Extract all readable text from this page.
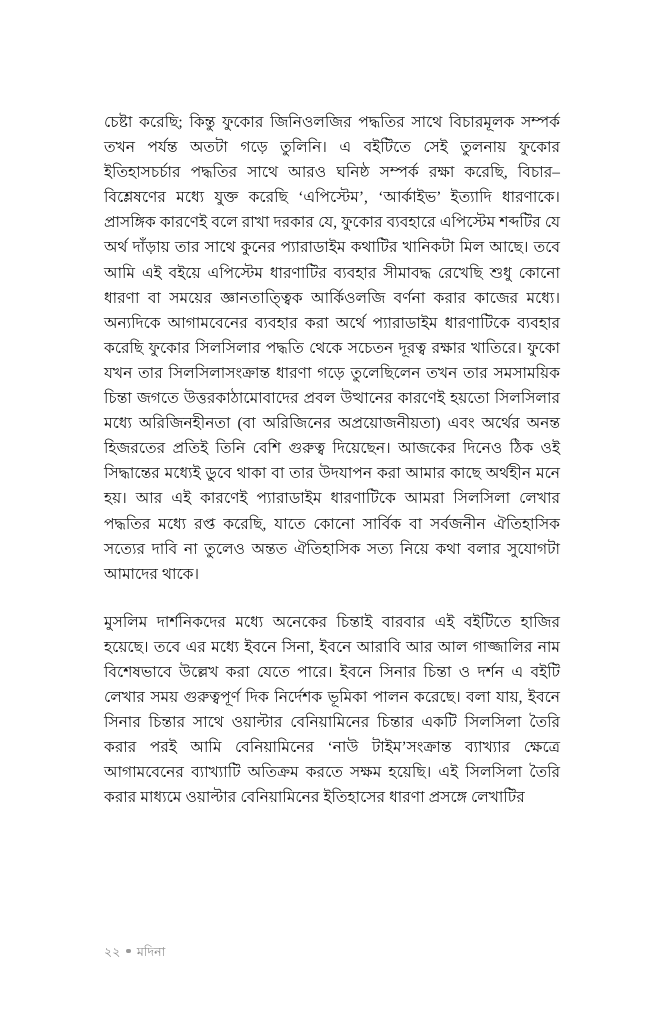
চেষ্টা করেছি; কিন্তু ফুকোর জিনিওলজির পদ্ধতির সাথে বিচারমূলক সম্পর্ক তখন পর্যন্ত অতটা গড়ে তুলিনি। এ বইটিতে সেই তুলনায় ফুকোর ইতিহাসচর্চার পদ্ধতির সাথে আরও ঘনিষ্ঠ সম্পর্ক রক্ষা করেছি, বিচার–বিশ্লেষণের মধ্যে যুক্ত করেছি ‘এপিস্টেম’, ‘আর্কাইভ’ ইত্যাদি ধারণাকে। প্রাসঙ্গিক কারণেই বলে রাখা দরকার যে, ফুকোর ব্যবহারে এপিস্টেম শব্দটির যে অর্থ দাঁড়ায় তার সাথে কুনের প্যারাডাইম কথাটির খানিকটা মিল আছে। তবে আমি এই বইয়ে এপিস্টেম ধারণাটির ব্যবহার সীমাবদ্ধ রেখেছি শুধু কোনো ধারণা বা সময়ের জ্ঞানতাত্ত্বিক আর্কিওলজি বর্ণনা করার কাজের মধ্যে। অন্যদিকে আগামবেনের ব্যবহার করা অর্থে প্যারাডাইম ধারণাটিকে ব্যবহার করেছি ফুকোর সিলসিলার পদ্ধতি থেকে সচেতন দূরত্ব রক্ষার খাতিরে। ফুকো যখন তার সিলসিলাসংক্রান্ত ধারণা গড়ে তুলেছিলেন তখন তার সমসাময়িক চিন্তা জগতে উত্তরকাঠামোবাদের প্রবল উত্থানের কারণেই হয়তো সিলসিলার মধ্যে অরিজিনহীনতা (বা অরিজিনের অপ্রয়োজনীয়তা) এবং অর্থের অনন্ত হিজরতের প্রতিই তিনি বেশি গুরুত্ব দিয়েছেন। আজকের দিনেও ঠিক ওই সিদ্ধান্তের মধ্যেই ডুবে থাকা বা তার উদযাপন করা আমার কাছে অর্থহীন মনে হয়। আর এই কারণেই প্যারাডাইম ধারণাটিকে আমরা সিলসিলা লেখার পদ্ধতির মধ্যে রপ্ত করেছি, যাতে কোনো সার্বিক বা সর্বজনীন ঐতিহাসিক সত্যের দাবি না তুলেও অন্তত ঐতিহাসিক সত্য নিয়ে কথা বলার সুযোগটা আমাদের থাকে।

মুসলিম দার্শনিকদের মধ্যে অনেকের চিন্তাই বারবার এই বইটিতে হাজির হয়েছে। তবে এর মধ্যে ইবনে সিনা, ইবনে আরাবি আর আল গাজ্জালির নাম বিশেষভাবে উল্লেখ করা যেতে পারে। ইবনে সিনার চিন্তা ও দর্শন এ বইটি লেখার সময় গুরুত্বপূর্ণ দিক নির্দেশক ভূমিকা পালন করেছে। বলা যায়, ইবনে সিনার চিন্তার সাথে ওয়াল্টার বেনিয়ামিনের চিন্তার একটি সিলসিলা তৈরি করার পরই আমি বেনিয়ামিনের ‘নাউ টাইম’সংক্রান্ত ব্যাখ্যার ক্ষেত্রে আগামবেনের ব্যাখ্যাটি অতিক্রম করতে সক্ষম হয়েছি। এই সিলসিলা তৈরি করার মাধ্যমে ওয়াল্টার বেনিয়ামিনের ইতিহাসের ধারণা প্রসঙ্গে লেখাটির

২২ মদিনা
